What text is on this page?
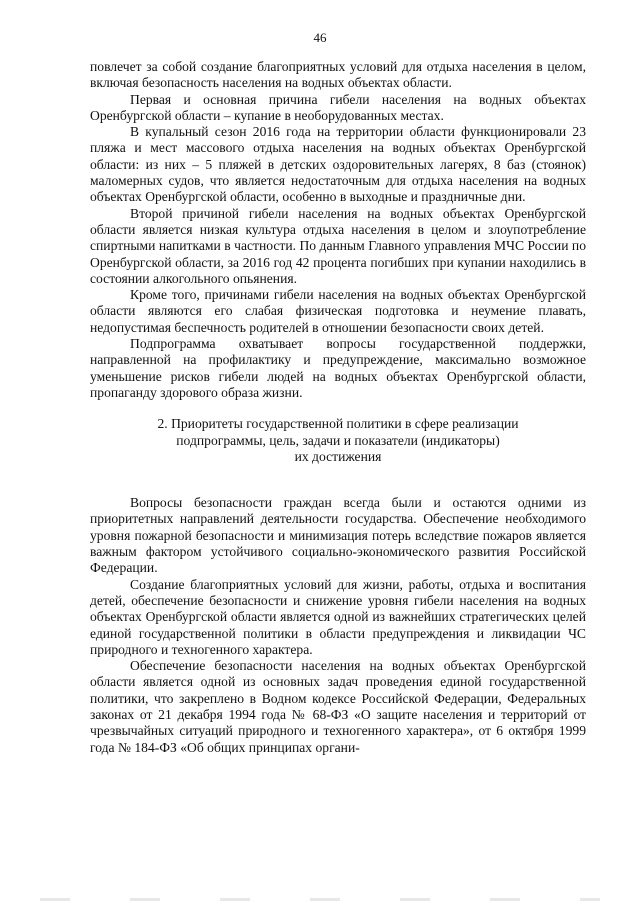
46

повлечет за собой создание благоприятных условий для отдыха населения в целом, включая безопасность населения на водных объектах области.

Первая и основная причина гибели населения на водных объектах Оренбургской области – купание в необорудованных местах.

В купальный сезон 2016 года на территории области функционировали 23 пляжа и мест массового отдыха населения на водных объектах Оренбургской области: из них – 5 пляжей в детских оздоровительных лагерях, 8 баз (стоянок) маломерных судов, что является недостаточным для отдыха населения на водных объектах Оренбургской области, особенно в выходные и праздничные дни.

Второй причиной гибели населения на водных объектах Оренбургской области является низкая культура отдыха населения в целом и злоупотребление спиртными напитками в частности. По данным Главного управления МЧС России по Оренбургской области, за 2016 год 42 процента погибших при купании находились в состоянии алкогольного опьянения.

Кроме того, причинами гибели населения на водных объектах Оренбургской области являются его слабая физическая подготовка и неумение плавать, недопустимая беспечность родителей в отношении безопасности своих детей.

Подпрограмма охватывает вопросы государственной поддержки, направленной на профилактику и предупреждение, максимально возможное уменьшение рисков гибели людей на водных объектах Оренбургской области, пропаганду здорового образа жизни.

2. Приоритеты государственной политики в сфере реализации
подпрограммы, цель, задачи и показатели (индикаторы)
их достижения

Вопросы безопасности граждан всегда были и остаются одними из приоритетных направлений деятельности государства. Обеспечение необходимого уровня пожарной безопасности и минимизация потерь вследствие пожаров является важным фактором устойчивого социально-экономического развития Российской Федерации.

Создание благоприятных условий для жизни, работы, отдыха и воспитания детей, обеспечение безопасности и снижение уровня гибели населения на водных объектах Оренбургской области является одной из важнейших стратегических целей единой государственной политики в области предупреждения и ликвидации ЧС природного и техногенного характера.

Обеспечение безопасности населения на водных объектах Оренбургской области является одной из основных задач проведения единой государственной политики, что закреплено в Водном кодексе Российской Федерации, Федеральных законах от 21 декабря 1994 года № 68-ФЗ «О защите населения и территорий от чрезвычайных ситуаций природного и техногенного характера», от 6 октября 1999 года № 184-ФЗ «Об общих принципах органи-
